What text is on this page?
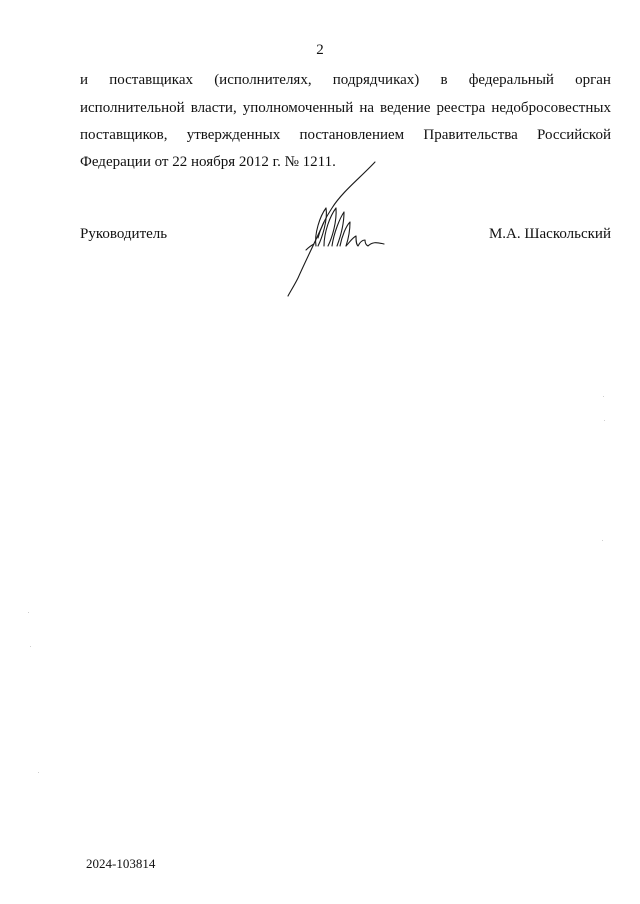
2
и поставщиках (исполнителях, подрядчиках) в федеральный орган
исполнительной власти, уполномоченный на ведение реестра недобросовестных
поставщиков, утвержденных постановлением Правительства Российской
Федерации от 22 ноября 2012 г. № 1211.
Руководитель	М.А. Шаскольский
2024-103814
